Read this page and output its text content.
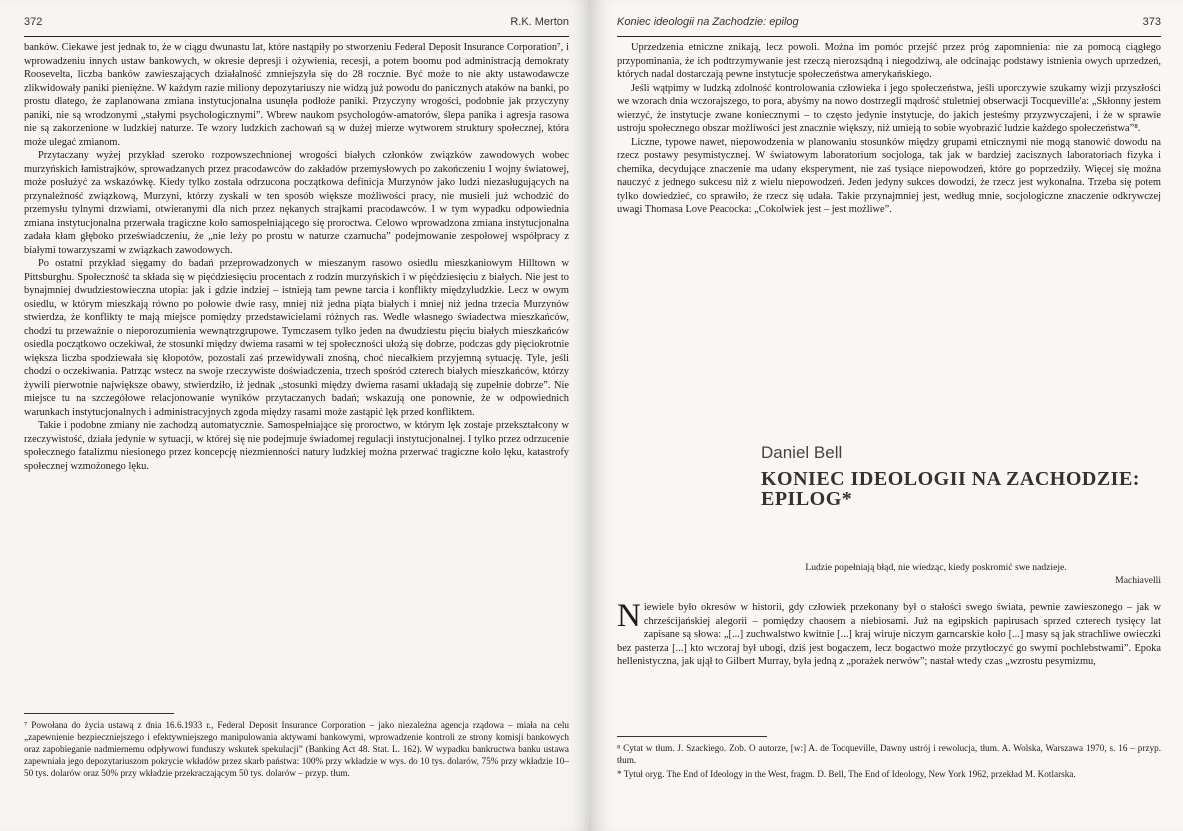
372	R.K. Merton

banków. Ciekawe jest jednak to, że w ciągu dwunastu lat, które nastąpiły po stworzeniu Federal Deposit Insurance Corporation⁷, i wprowadzeniu innych ustaw bankowych, w okresie depresji i ożywienia, recesji, a potem boomu pod administracją demokraty Roosevelta, liczba banków zawieszających działalność zmniejszyła się do 28 rocznie. Być może to nie akty ustawodawcze zlikwidowały paniki pieniężne. W każdym razie miliony depozytariuszy nie widzą już powodu do panicznych ataków na banki, po prostu dlatego, że zaplanowana zmiana instytucjonalna usunęła podłoże paniki. Przyczyny wrogości, podobnie jak przyczyny paniki, nie są wrodzonymi „stałymi psychologicznymi”. Wbrew naukom psychologów-amatorów, ślepa panika i agresja rasowa nie są zakorzenione w ludzkiej naturze. Te wzory ludzkich zachowań są w dużej mierze wytworem struktury społecznej, która może ulegać zmianom.

Przytaczany wyżej przykład szeroko rozpowszechnionej wrogości białych członków związków zawodowych wobec murzyńskich łamistrajków, sprowadzanych przez pracodawców do zakładów przemysłowych po zakończeniu I wojny światowej, może posłużyć za wskazówkę. Kiedy tylko została odrzucona początkowa definicja Murzynów jako ludzi niezasługujących na przynależność związkową, Murzyni, którzy zyskali w ten sposób większe możliwości pracy, nie musieli już wchodzić do przemysłu tylnymi drzwiami, otwieranymi dla nich przez nękanych strajkami pracodawców. I w tym wypadku odpowiednia zmiana instytucjonalna przerwała tragiczne koło samospełniającego się proroctwa. Celowo wprowadzona zmiana instytucjonalna zadała kłam głęboko przeświadczeniu, że „nie leży po prostu w naturze czarnucha” podejmowanie zespołowej współpracy z białymi towarzyszami w związkach zawodowych.

Po ostatni przykład sięgamy do badań przeprowadzonych w mieszanym rasowo osiedlu mieszkaniowym Hilltown w Pittsburghu. Społeczność ta składa się w pięćdziesięciu procentach z rodzin murzyńskich i w pięćdziesięciu z białych. Nie jest to bynajmniej dwudziestowieczna utopia: jak i gdzie indziej – istnieją tam pewne tarcia i konflikty międzyludzkie. Lecz w owym osiedlu, w którym mieszkają równo po połowie dwie rasy, mniej niż jedna piąta białych i mniej niż jedna trzecia Murzynów stwierdza, że konflikty te mają miejsce pomiędzy przedstawicielami różnych ras. Wedle własnego świadectwa mieszkańców, chodzi tu przeważnie o nieporozumienia wewnątrzgrupowe. Tymczasem tylko jeden na dwudziestu pięciu białych mieszkańców osiedla początkowo oczekiwał, że stosunki między dwiema rasami w tej społeczności ułożą się dobrze, podczas gdy pięciokrotnie większa liczba spodziewała się kłopotów, pozostali zaś przewidywali znośną, choć niecałkiem przyjemną sytuację. Tyle, jeśli chodzi o oczekiwania. Patrząc wstecz na swoje rzeczywiste doświadczenia, trzech spośród czterech białych mieszkańców, którzy żywili pierwotnie największe obawy, stwierdziło, iż jednak „stosunki między dwiema rasami układają się zupełnie dobrze”. Nie miejsce tu na szczegółowe relacjonowanie wyników przytaczanych badań; wskazują one ponownie, że w odpowiednich warunkach instytucjonalnych i administracyjnych zgoda między rasami może zastąpić lęk przed konfliktem.

Takie i podobne zmiany nie zachodzą automatycznie. Samospełniające się proroctwo, w którym lęk zostaje przekształcony w rzeczywistość, działa jedynie w sytuacji, w której się nie podejmuje świadomej regulacji instytucjonalnej. I tylko przez odrzucenie społecznego fatalizmu niesionego przez koncepcję niezmienności natury ludzkiej można przerwać tragiczne koło lęku, katastrofy społecznej wzmożonego lęku.

⁷ Powołana do życia ustawą z dnia 16.6.1933 r., Federal Deposit Insurance Corporation – jako niezależna agencja rządowa – miała na celu „zapewnienie bezpieczniejszego i efektywniejszego manipulowania aktywami bankowymi, wprowadzenie kontroli ze strony komisji bankowych oraz zapobieganie nadmiernemu odpływowi funduszy wskutek spekulacji” (Banking Act 48. Stat. L. 162). W wypadku bankructwa banku ustawa zapewniała jego depozytariuszom pokrycie wkładów przez skarb państwa: 100% przy wkładzie w wys. do 10 tys. dolarów, 75% przy wkładzie 10–50 tys. dolarów oraz 50% przy wkładzie przekraczającym 50 tys. dolarów – przyp. tłum.

Koniec ideologii na Zachodzie: epilog	373

Uprzedzenia etniczne znikają, lecz powoli. Można im pomóc przejść przez próg zapomnienia: nie za pomocą ciągłego przypominania, że ich podtrzymywanie jest rzeczą nierozsądną i niegodziwą, ale odcinając podstawy istnienia owych uprzedzeń, których nadal dostarczają pewne instytucje społeczeństwa amerykańskiego.

Jeśli wątpimy w ludzką zdolność kontrolowania człowieka i jego społeczeństwa, jeśli uporczywie szukamy wizji przyszłości we wzorach dnia wczorajszego, to pora, abyśmy na nowo dostrzegli mądrość stuletniej obserwacji Tocqueville'a: „Skłonny jestem wierzyć, że instytucje zwane koniecznymi – to często jedynie instytucje, do jakich jesteśmy przyzwyczajeni, i że w sprawie ustroju społecznego obszar możliwości jest znacznie większy, niż umieją to sobie wyobrazić ludzie każdego społeczeństwa”⁸.

Liczne, typowe nawet, niepowodzenia w planowaniu stosunków między grupami etnicznymi nie mogą stanowić dowodu na rzecz postawy pesymistycznej. W światowym laboratorium socjologa, tak jak w bardziej zacisznych laboratoriach fizyka i chemika, decydujące znaczenie ma udany eksperyment, nie zaś tysiące niepowodzeń, które go poprzedziły. Więcej się można nauczyć z jednego sukcesu niż z wielu niepowodzeń. Jeden jedyny sukces dowodzi, że rzecz jest wykonalna. Trzeba się potem tylko dowiedzieć, co sprawiło, że rzecz się udała. Takie przynajmniej jest, według mnie, socjologiczne znaczenie odkrywczej uwagi Thomasa Love Peacocka: „Cokolwiek jest – jest możliwe”.

Daniel Bell
KONIEC IDEOLOGII NA ZACHODZIE:
EPILOG*
Ludzie popełniają błąd, nie wiedząc, kiedy poskromić swe nadzieje.
Machiavelli

Niewiele było okresów w historii, gdy człowiek przekonany był o stałości swego świata, pewnie zawieszonego – jak w chrześcijańskiej alegorii – pomiędzy chaosem a niebiosami. Już na egipskich papirusach sprzed czterech tysięcy lat zapisane są słowa: „[...] zuchwalstwo kwitnie [...] kraj wiruje niczym garncarskie koło [...] masy są jak strachliwe owieczki bez pasterza [...] kto wczoraj był ubogi, dziś jest bogaczem, lecz bogactwo może przytłoczyć go swymi pochlebstwami”. Epoka hellenistyczna, jak ujął to Gilbert Murray, była jedną z „porażek nerwów”; nastał wtedy czas „wzrostu pesymizmu,

⁸ Cytat w tłum. J. Szackiego. Zob. O autorze, [w:] A. de Tocqueville, Dawny ustrój i rewolucja, tłum. A. Wolska, Warszawa 1970, s. 16 – przyp. tłum.

* Tytuł oryg. The End of Ideology in the West, fragm. D. Bell, The End of Ideology, New York 1962, przekład M. Kotlarska.
